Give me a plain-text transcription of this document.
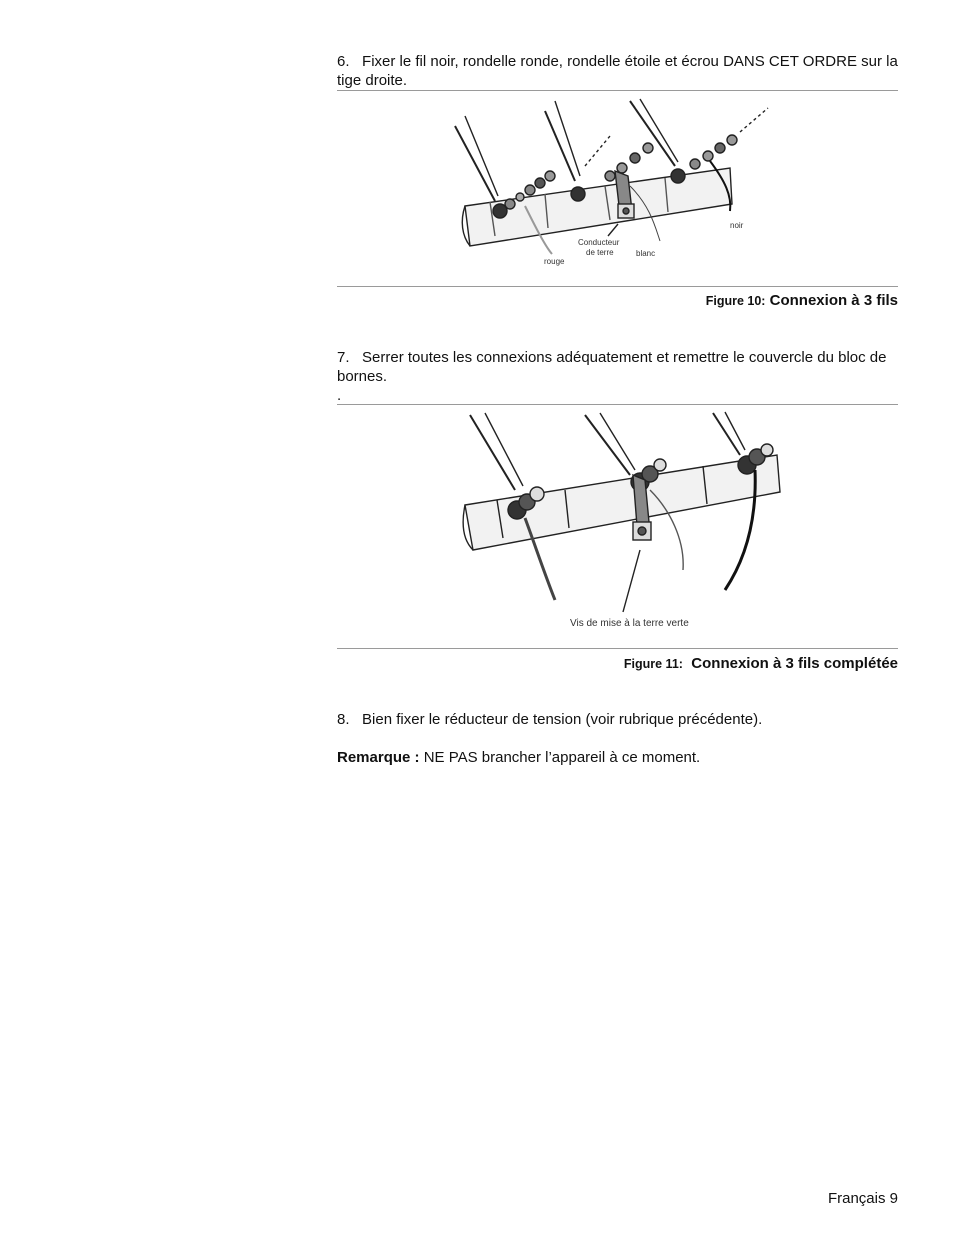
6. Fixer le fil noir, rondelle ronde, rondelle étoile et écrou DANS CET ORDRE sur la tige droite.
noir
Conducteur
de terre	blanc
rouge
Figure 10: Connexion à 3 fils
7. Serrer toutes les connexions adéquatement et remettre le couvercle du bloc de bornes.
.
Vis de mise à la terre verte
Figure 11: Connexion à 3 fils complétée
8. Bien fixer le réducteur de tension (voir rubrique précédente).
Remarque : NE PAS brancher l’appareil à ce moment.
Français 9
